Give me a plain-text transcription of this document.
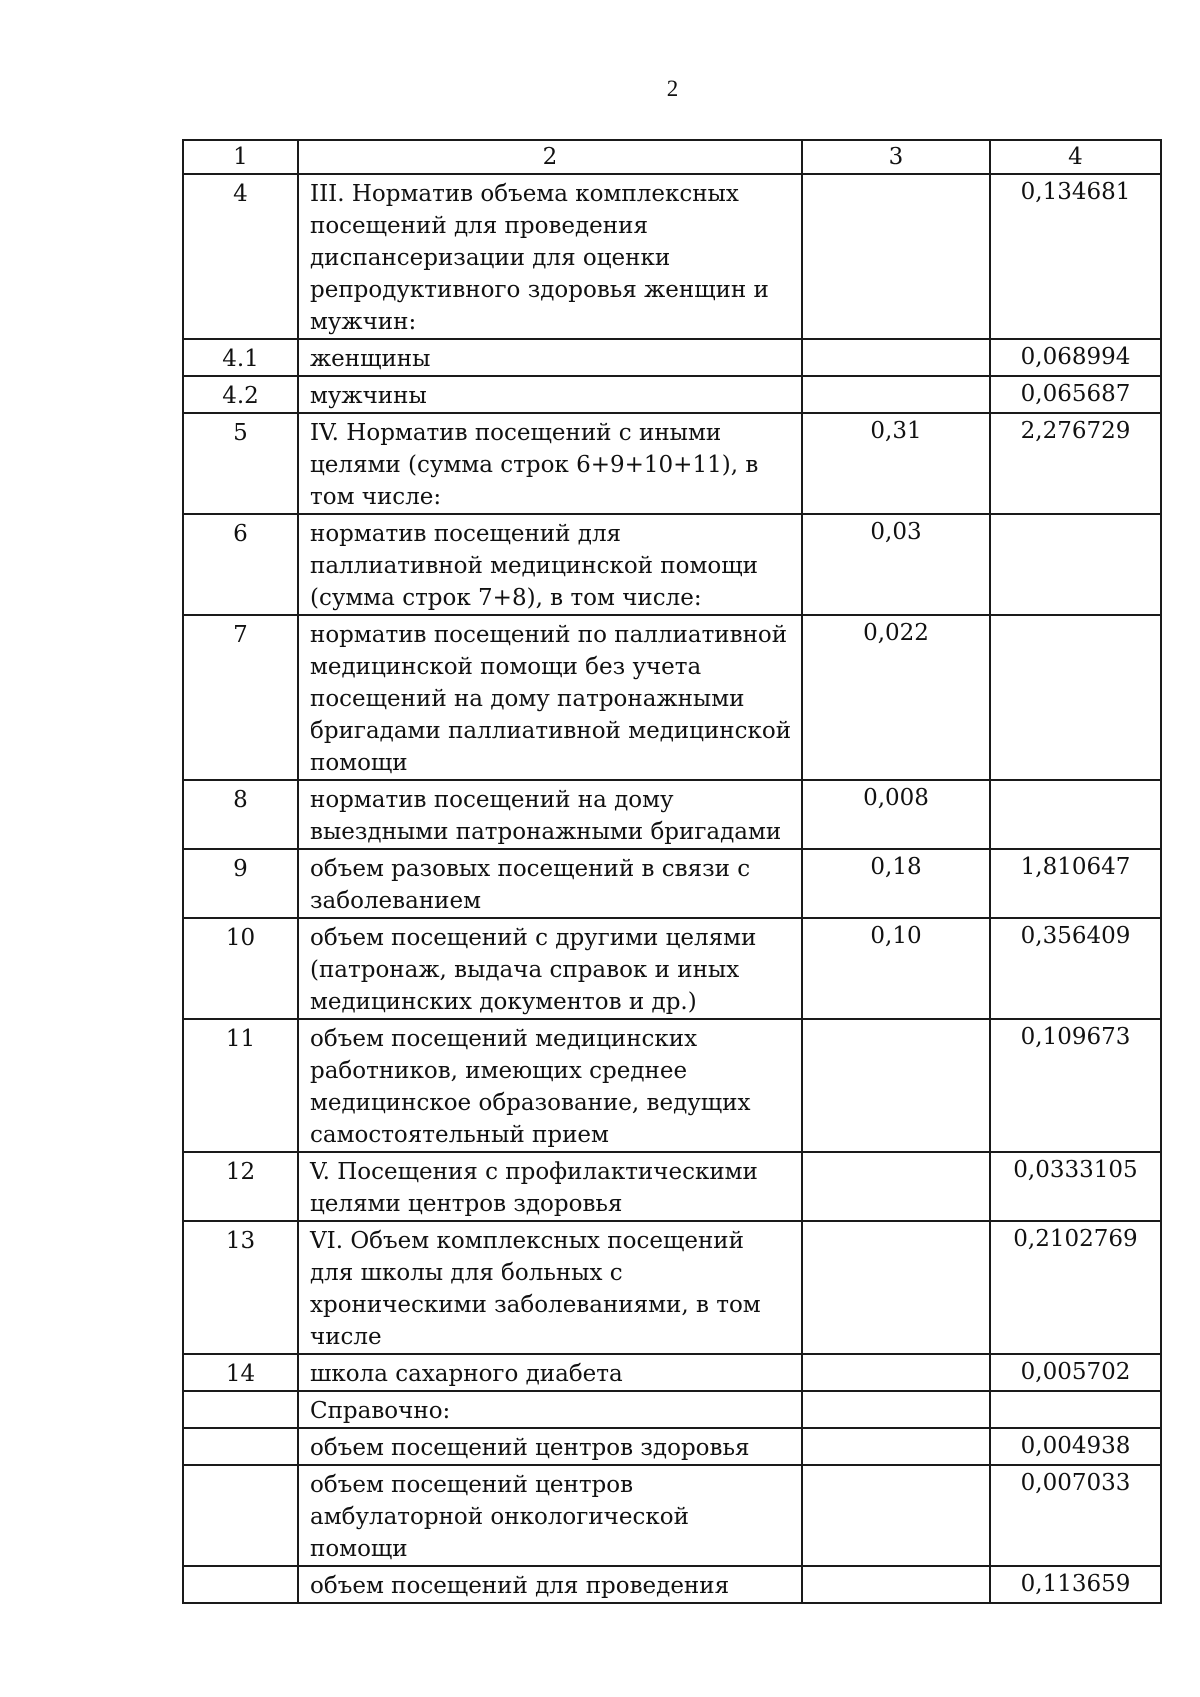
2
1	2	3	4
4	III. Норматив объема комплексных посещений для проведения диспансеризации для оценки репродуктивного здоровья женщин и мужчин:		0,134681
4.1	женщины		0,068994
4.2	мужчины		0,065687
5	IV. Норматив посещений с иными целями (сумма строк 6+9+10+11), в том числе:	0,31	2,276729
6	норматив посещений для паллиативной медицинской помощи (сумма строк 7+8), в том числе:	0,03	
7	норматив посещений по паллиативной медицинской помощи без учета посещений на дому патронажными бригадами паллиативной медицинской помощи	0,022	
8	норматив посещений на дому выездными патронажными бригадами	0,008	
9	объем разовых посещений в связи с заболеванием	0,18	1,810647
10	объем посещений с другими целями (патронаж, выдача справок и иных медицинских документов и др.)	0,10	0,356409
11	объем посещений медицинских работников, имеющих среднее медицинское образование, ведущих самостоятельный прием		0,109673
12	V. Посещения с профилактическими целями центров здоровья		0,0333105
13	VI. Объем комплексных посещений для школы для больных с хроническими заболеваниями, в том числе		0,2102769
14	школа сахарного диабета		0,005702
	Справочно:		
	объем посещений центров здоровья		0,004938
	объем посещений центров амбулаторной онкологической помощи		0,007033
	объем посещений для проведения		0,113659
